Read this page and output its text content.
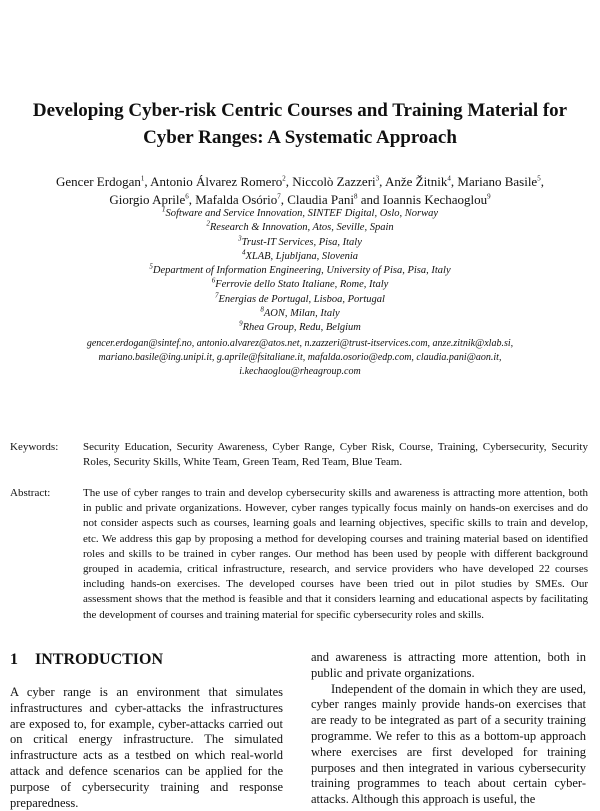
Developing Cyber-risk Centric Courses and Training Material for
Cyber Ranges: A Systematic Approach
Gencer Erdogan$^1$, Antonio Álvarez Romero$^2$, Niccolò Zazzeri$^3$, Anže Žitnik$^4$, Mariano Basile$^5$,
Giorgio Aprile$^6$, Mafalda Osório$^7$, Claudia Pani$^8$ and Ioannis Kechaoglou$^9$
$^1$Software and Service Innovation, SINTEF Digital, Oslo, Norway
$^2$Research & Innovation, Atos, Seville, Spain
$^3$Trust-IT Services, Pisa, Italy
$^4$XLAB, Ljubljana, Slovenia
$^5$Department of Information Engineering, University of Pisa, Pisa, Italy
$^6$Ferrovie dello Stato Italiane, Rome, Italy
$^7$Energias de Portugal, Lisboa, Portugal
$^8$AON, Milan, Italy
$^9$Rhea Group, Redu, Belgium
gencer.erdogan@sintef.no, antonio.alvarez@atos.net, n.zazzeri@trust-itservices.com, anze.zitnik@xlab.si,
mariano.basile@ing.unipi.it, g.aprile@fsitaliane.it, mafalda.osorio@edp.com, claudia.pani@aon.it,
i.kechaoglou@rheagroup.com
Keywords: Security Education, Security Awareness, Cyber Range, Cyber Risk, Course, Training, Cybersecurity, Security Roles, Security Skills, White Team, Green Team, Red Team, Blue Team.
Abstract:	The use of cyber ranges to train and develop cybersecurity skills and awareness is attracting more attention, both in public and private organizations. However, cyber ranges typically focus mainly on hands-on exercises and do not consider aspects such as courses, learning goals and learning objectives, specific skills to train and develop, etc. We address this gap by proposing a method for developing courses and training material based on identified roles and skills to be trained in cyber ranges. Our method has been used by people with different background grouped in academia, critical infrastructure, research, and service providers who have developed 22 courses including hands-on exercises. The developed courses have been tried out in pilot studies by SMEs. Our assessment shows that the method is feasible and that it considers learning and educational aspects by facilitating the development of courses and training material for specific cybersecurity roles and skills.
1 INTRODUCTION
A cyber range is an environment that simulates infrastructures and cyber-attacks the infrastructures are exposed to, for example, cyber-attacks carried out on critical energy infrastructure. The simulated infrastructure acts as a testbed on which real-world attack and defence scenarios can be applied for the purpose of cybersecurity training and response preparedness.

and awareness is attracting more attention, both in public and private organizations.

Independent of the domain in which they are used, cyber ranges mainly provide hands-on exercises that are ready to be integrated as part of a security training programme. We refer to this as a bottom-up approach where exercises are first developed for training purposes and then integrated in various cybersecurity training programmes to teach about certain cyber-attacks. Although this approach is useful, the
